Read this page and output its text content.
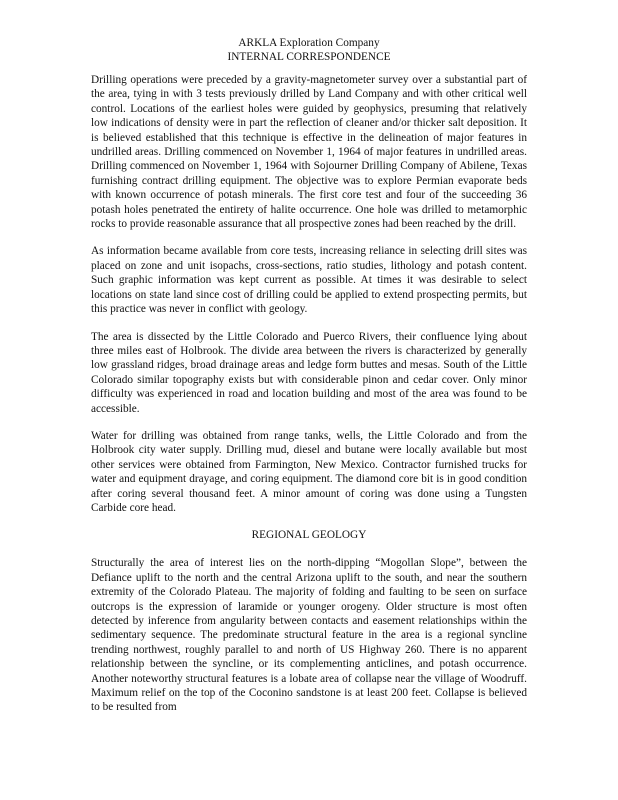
ARKLA Exploration Company
INTERNAL CORRESPONDENCE

Drilling operations were preceded by a gravity-magnetometer survey over a substantial part of the area, tying in with 3 tests previously drilled by Land Company and with other critical well control. Locations of the earliest holes were guided by geophysics, presuming that relatively low indications of density were in part the reflection of cleaner and/or thicker salt deposition. It is believed established that this technique is effective in the delineation of major features in undrilled areas. Drilling commenced on November 1, 1964 of major features in undrilled areas. Drilling commenced on November 1, 1964 with Sojourner Drilling Company of Abilene, Texas furnishing contract drilling equipment. The objective was to explore Permian evaporate beds with known occurrence of potash minerals. The first core test and four of the succeeding 36 potash holes penetrated the entirety of halite occurrence. One hole was drilled to metamorphic rocks to provide reasonable assurance that all prospective zones had been reached by the drill.

As information became available from core tests, increasing reliance in selecting drill sites was placed on zone and unit isopachs, cross-sections, ratio studies, lithology and potash content. Such graphic information was kept current as possible. At times it was desirable to select locations on state land since cost of drilling could be applied to extend prospecting permits, but this practice was never in conflict with geology.

The area is dissected by the Little Colorado and Puerco Rivers, their confluence lying about three miles east of Holbrook. The divide area between the rivers is characterized by generally low grassland ridges, broad drainage areas and ledge form buttes and mesas. South of the Little Colorado similar topography exists but with considerable pinon and cedar cover. Only minor difficulty was experienced in road and location building and most of the area was found to be accessible.

Water for drilling was obtained from range tanks, wells, the Little Colorado and from the Holbrook city water supply. Drilling mud, diesel and butane were locally available but most other services were obtained from Farmington, New Mexico. Contractor furnished trucks for water and equipment drayage, and coring equipment. The diamond core bit is in good condition after coring several thousand feet. A minor amount of coring was done using a Tungsten Carbide core head.

REGIONAL GEOLOGY

Structurally the area of interest lies on the north-dipping “Mogollan Slope”, between the Defiance uplift to the north and the central Arizona uplift to the south, and near the southern extremity of the Colorado Plateau. The majority of folding and faulting to be seen on surface outcrops is the expression of laramide or younger orogeny. Older structure is most often detected by inference from angularity between contacts and easement relationships within the sedimentary sequence. The predominate structural feature in the area is a regional syncline trending northwest, roughly parallel to and north of US Highway 260. There is no apparent relationship between the syncline, or its complementing anticlines, and potash occurrence. Another noteworthy structural features is a lobate area of collapse near the village of Woodruff. Maximum relief on the top of the Coconino sandstone is at least 200 feet. Collapse is believed to be resulted from
